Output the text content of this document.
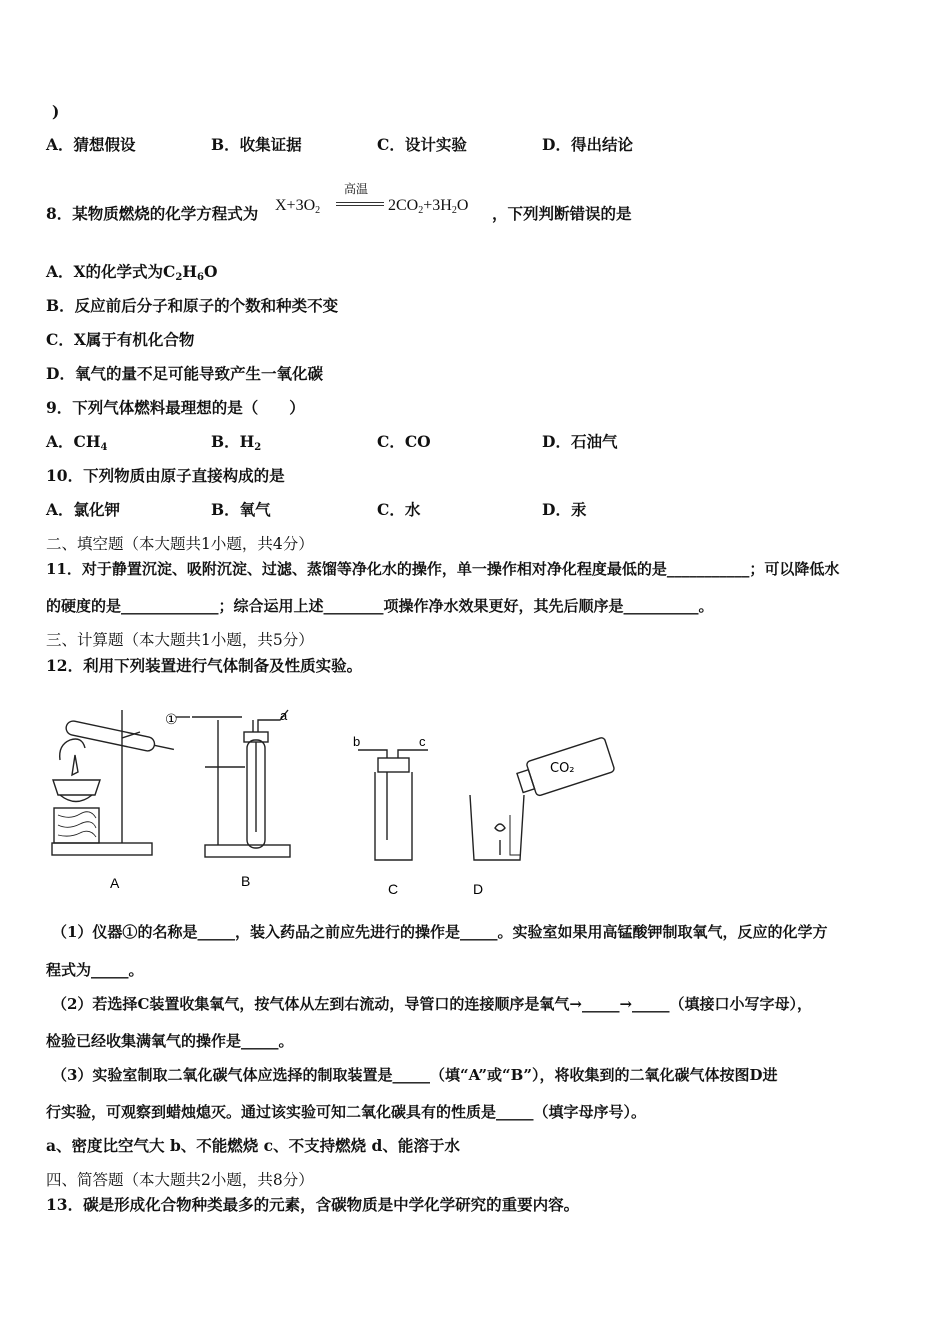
)
A．猜想假设	B．收集证据	C．设计实验	D．得出结论
8．某物质燃烧的化学方程式为 $X+3O_2$
高温
$2CO_2+3H_2O$ ，下列判断错误的是
A．X的化学式为$C_2H_6O$
B．反应前后分子和原子的个数和种类不变
C．X属于有机化合物
D．氧气的量不足可能导致产生一氧化碳
9．下列气体燃料最理想的是（　　）
A．$CH_4$	B．$H_2$	C．CO	D．石油气
10．下列物质由原子直接构成的是
A．氯化钾	B．氧气	C．水	D．汞
二、填空题（本大题共1小题，共4分）
11．对于静置沉淀、吸附沉淀、过滤、蒸馏等净化水的操作，单一操作相对净化程度最低的是___________；可以降低水
的硬度的是_____________；综合运用上述________项操作净水效果更好，其先后顺序是__________。
三、计算题（本大题共1小题，共5分）
12．利用下列装置进行气体制备及性质实验。
A	B	C	D
①	a
b	c
CO₂
（1）仪器①的名称是_____，装入药品之前应先进行的操作是_____。实验室如果用高锰酸钾制取氧气，反应的化学方
程式为_____。
（2）若选择C装置收集氧气，按气体从左到右流动，导管口的连接顺序是氧气→_____→_____（填接口小写字母），
检验已经收集满氧气的操作是_____。
（3）实验室制取二氧化碳气体应选择的制取装置是_____（填“A”或“B”），将收集到的二氧化碳气体按图D进
行实验，可观察到蜡烛熄灭。通过该实验可知二氧化碳具有的性质是_____（填字母序号）。
a、密度比空气大 b、不能燃烧 c、不支持燃烧 d、能溶于水
四、简答题（本大题共2小题，共8分）
13．碳是形成化合物种类最多的元素，含碳物质是中学化学研究的重要内容。
